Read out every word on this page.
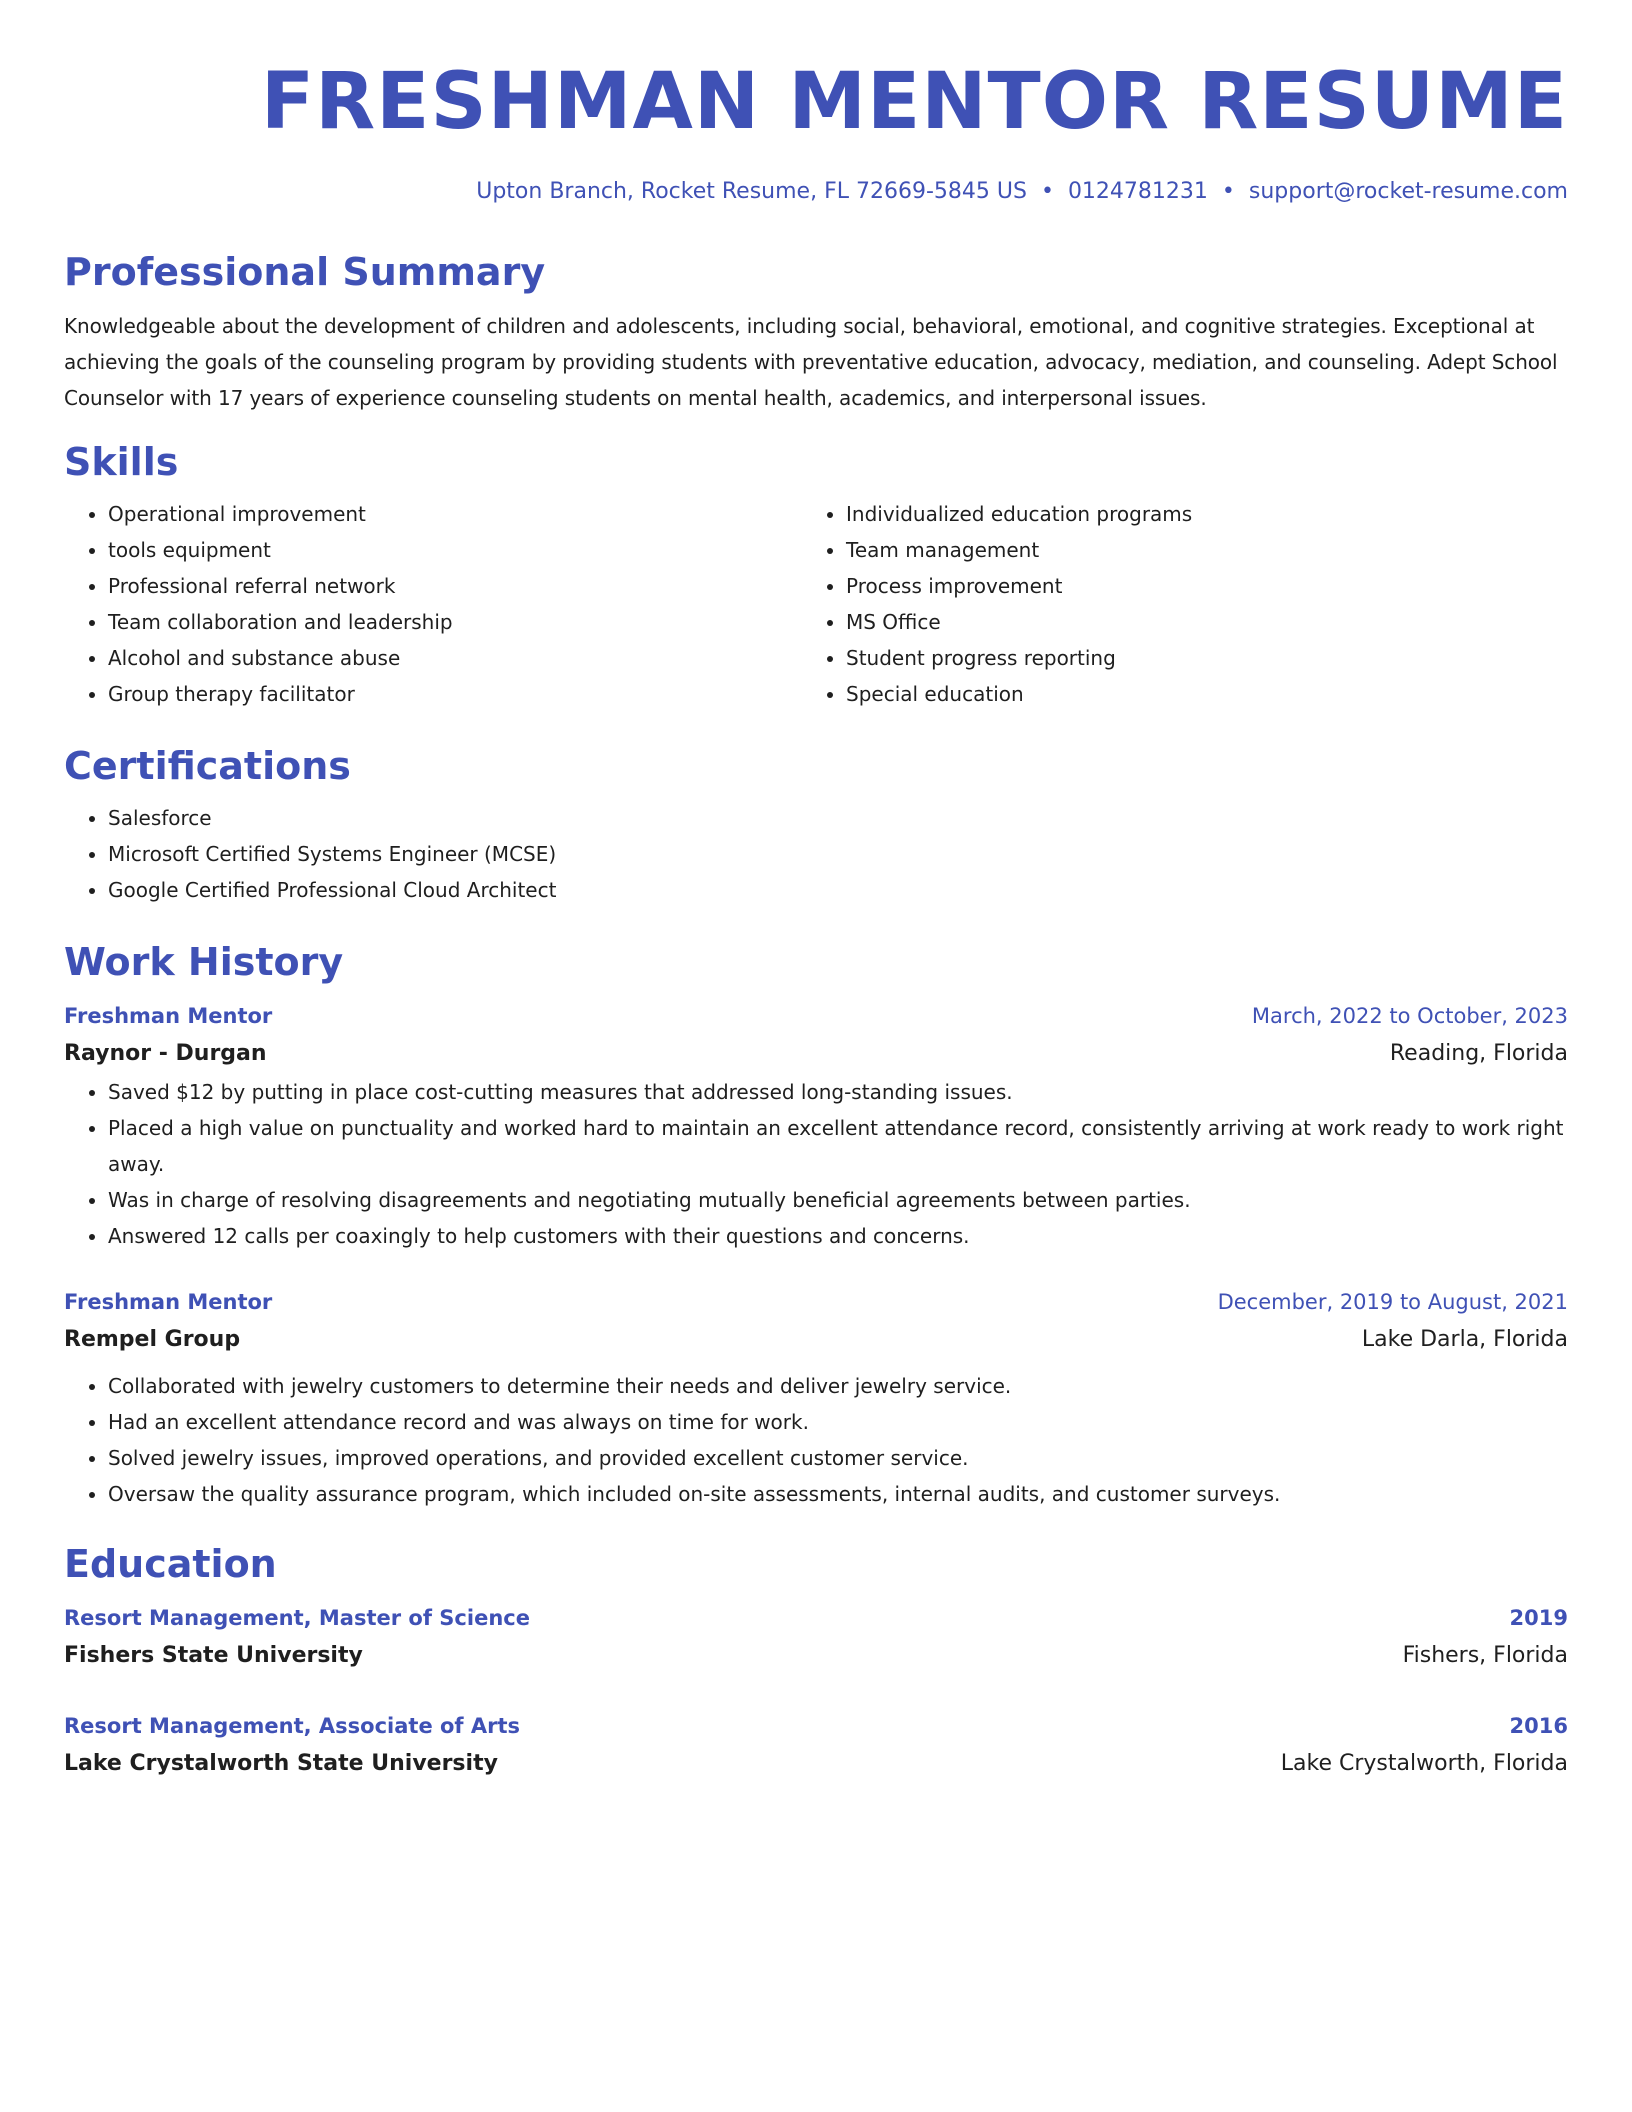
FRESHMAN MENTOR RESUME
Upton Branch, Rocket Resume, FL 72669-5845 US • 0124781231 • support@rocket-resume.com
Professional Summary

Knowledgeable about the development of children and adolescents, including social, behavioral, emotional, and cognitive strategies. Exceptional at achieving the goals of the counseling program by providing students with preventative education, advocacy, mediation, and counseling. Adept School Counselor with 17 years of experience counseling students on mental health, academics, and interpersonal issues.

Skills
• Operational improvement
• tools equipment
• Professional referral network
• Team collaboration and leadership
• Alcohol and substance abuse
• Group therapy facilitator
• Individualized education programs
• Team management
• Process improvement
• MS Office
• Student progress reporting
• Special education
Certifications
• Salesforce
• Microsoft Certified Systems Engineer (MCSE)
• Google Certified Professional Cloud Architect
Work History
Freshman Mentor	March, 2022 to October, 2023
Raynor - Durgan	Reading, Florida
• Saved $12 by putting in place cost-cutting measures that addressed long-standing issues.
• Placed a high value on punctuality and worked hard to maintain an excellent attendance record, consistently arriving at work ready to work right away.
• Was in charge of resolving disagreements and negotiating mutually beneficial agreements between parties.
• Answered 12 calls per coaxingly to help customers with their questions and concerns.
Freshman Mentor	December, 2019 to August, 2021
Rempel Group	Lake Darla, Florida
• Collaborated with jewelry customers to determine their needs and deliver jewelry service.
• Had an excellent attendance record and was always on time for work.
• Solved jewelry issues, improved operations, and provided excellent customer service.
• Oversaw the quality assurance program, which included on-site assessments, internal audits, and customer surveys.
Education
Resort Management, Master of Science	2019
Fishers State University	Fishers, Florida
Resort Management, Associate of Arts	2016
Lake Crystalworth State University	Lake Crystalworth, Florida
